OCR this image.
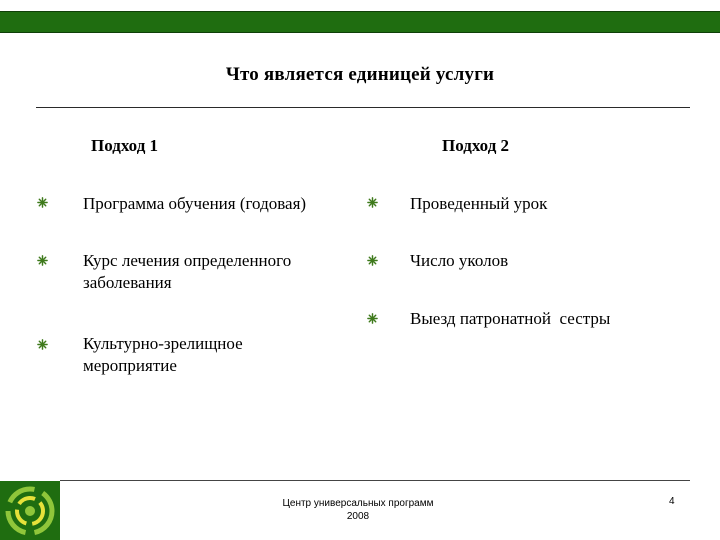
Что является единицей услуги
Подход 1	Подход 2
Программа обучения (годовая)
Курс лечения определенного заболевания
Культурно-зрелищное мероприятие
Проведенный урок
Число уколов
Выезд патронатной  сестры
Центр универсальных программ
2008
4
